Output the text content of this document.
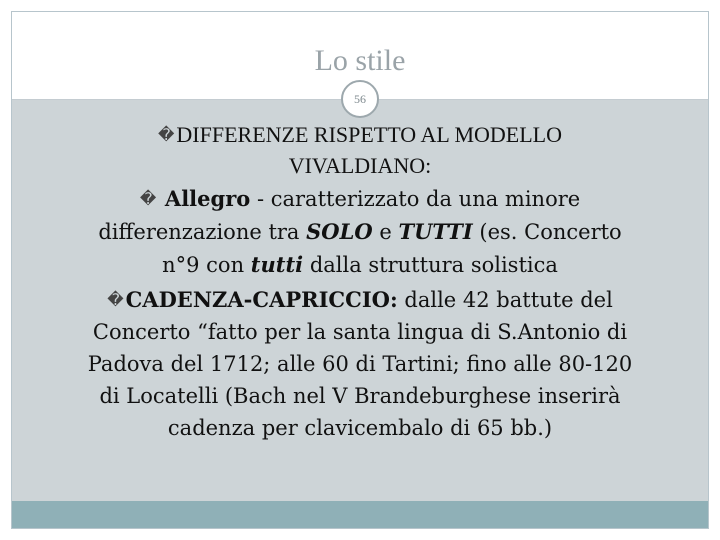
Lo stile
56
�DIFFERENZE RISPETTO AL MODELLO
VIVALDIANO:
� Allegro - caratterizzato da una minore
differenzazione tra SOLO e TUTTI (es. Concerto
n°9 con tutti dalla struttura solistica
�CADENZA-CAPRICCIO: dalle 42 battute del
Concerto “fatto per la santa lingua di S.Antonio di
Padova del 1712; alle 60 di Tartini; fino alle 80-120
di Locatelli (Bach nel V Brandeburghese inserirà
cadenza per clavicembalo di 65 bb.)
